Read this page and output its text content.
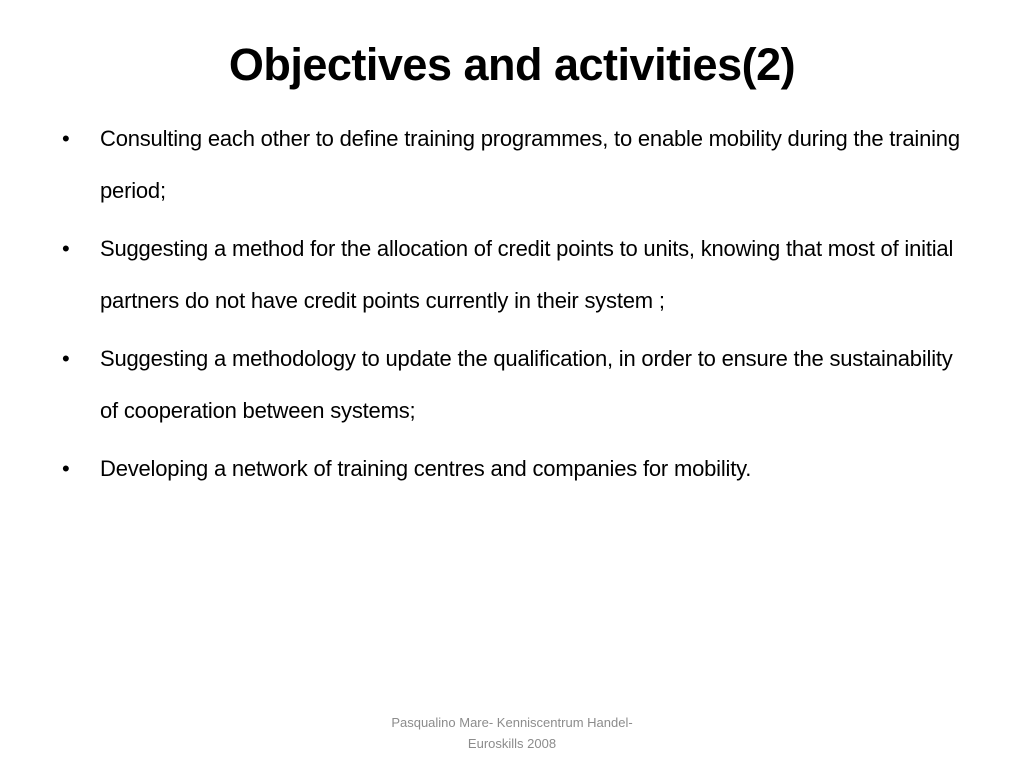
Objectives and activities(2)
•	Consulting each other to define training programmes, to enable mobility during the training period;
•	Suggesting a method for the allocation of credit points to units, knowing that most of initial partners do not have credit points currently in their system ;
•	Suggesting a methodology to update the qualification, in order to ensure the sustainability of cooperation between systems;
•	Developing a network of training centres and companies for mobility.
Pasqualino Mare- Kenniscentrum Handel-
Euroskills 2008
